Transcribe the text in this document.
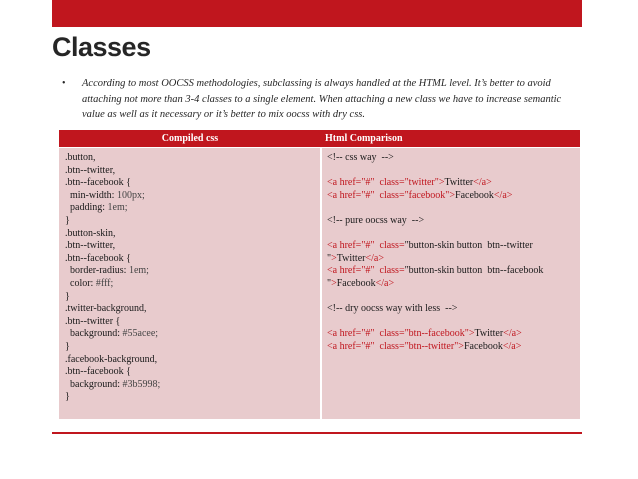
Classes
• According to most OOCSS methodologies, subclassing is always handled at the HTML level. It’s better to avoid attaching not more than 3-4 classes to a single element. When attaching a new class we have to increase semantic value as well as it necessary or it’s better to mix oocss with dry css.
Compiled css	Html Comparison
.button,
.btn--twitter,
.btn--facebook {
min-width: 100px;
padding: 1em;
}
.button-skin,
.btn--twitter,
.btn--facebook {
border-radius: 1em;
color: #fff;
}
.twitter-background,
.btn--twitter {
background: #55acee;
}
.facebook-background,
.btn--facebook {
background: #3b5998;
}
<!-- css way  -->
<a href="#" class="twitter">Twitter</a>
<a href="#" class="facebook">Facebook</a>
<!-- pure oocss way  -->
<a href="#" class="button-skin button  btn--twitter
">Twitter</a>
<a href="#" class="button-skin button  btn--facebook
">Facebook</a>
<!-- dry oocss way with less  -->
<a href="#" class="btn--facebook">Twitter</a>
<a href="#" class="btn--twitter">Facebook</a>
